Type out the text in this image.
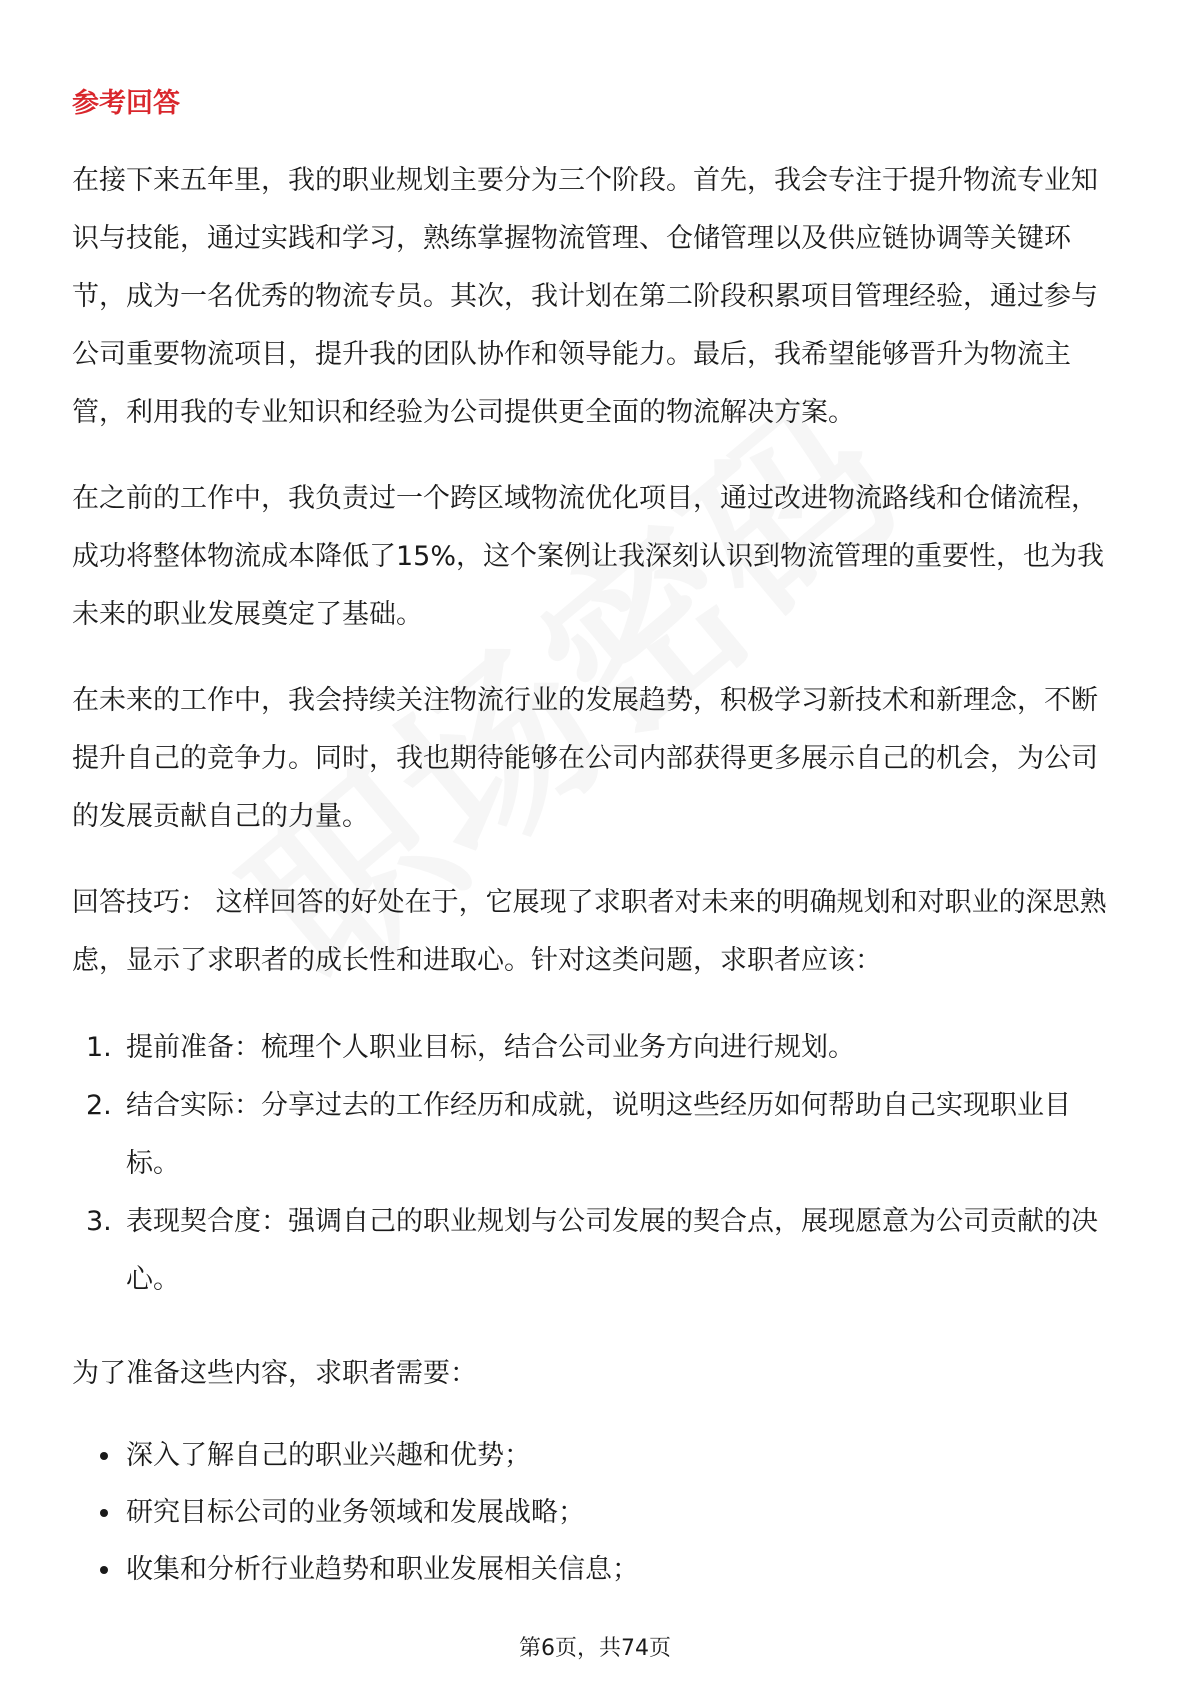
参考回答

在接下来五年里，我的职业规划主要分为三个阶段。首先，我会专注于提升物流专业知识与技能，通过实践和学习，熟练掌握物流管理、仓储管理以及供应链协调等关键环节，成为一名优秀的物流专员。其次，我计划在第二阶段积累项目管理经验，通过参与公司重要物流项目，提升我的团队协作和领导能力。最后，我希望能够晋升为物流主管，利用我的专业知识和经验为公司提供更全面的物流解决方案。

在之前的工作中，我负责过一个跨区域物流优化项目，通过改进物流路线和仓储流程，成功将整体物流成本降低了15%，这个案例让我深刻认识到物流管理的重要性，也为我未来的职业发展奠定了基础。

在未来的工作中，我会持续关注物流行业的发展趋势，积极学习新技术和新理念，不断提升自己的竞争力。同时，我也期待能够在公司内部获得更多展示自己的机会，为公司的发展贡献自己的力量。

回答技巧： 这样回答的好处在于，它展现了求职者对未来的明确规划和对职业的深思熟虑，显示了求职者的成长性和进取心。针对这类问题，求职者应该：

1. 提前准备：梳理个人职业目标，结合公司业务方向进行规划。
2. 结合实际：分享过去的工作经历和成就，说明这些经历如何帮助自己实现职业目标。
3. 表现契合度：强调自己的职业规划与公司发展的契合点，展现愿意为公司贡献的决心。

为了准备这些内容，求职者需要：

深入了解自己的职业兴趣和优势；
研究目标公司的业务领域和发展战略；
收集和分析行业趋势和职业发展相关信息；
第6页，共74页
